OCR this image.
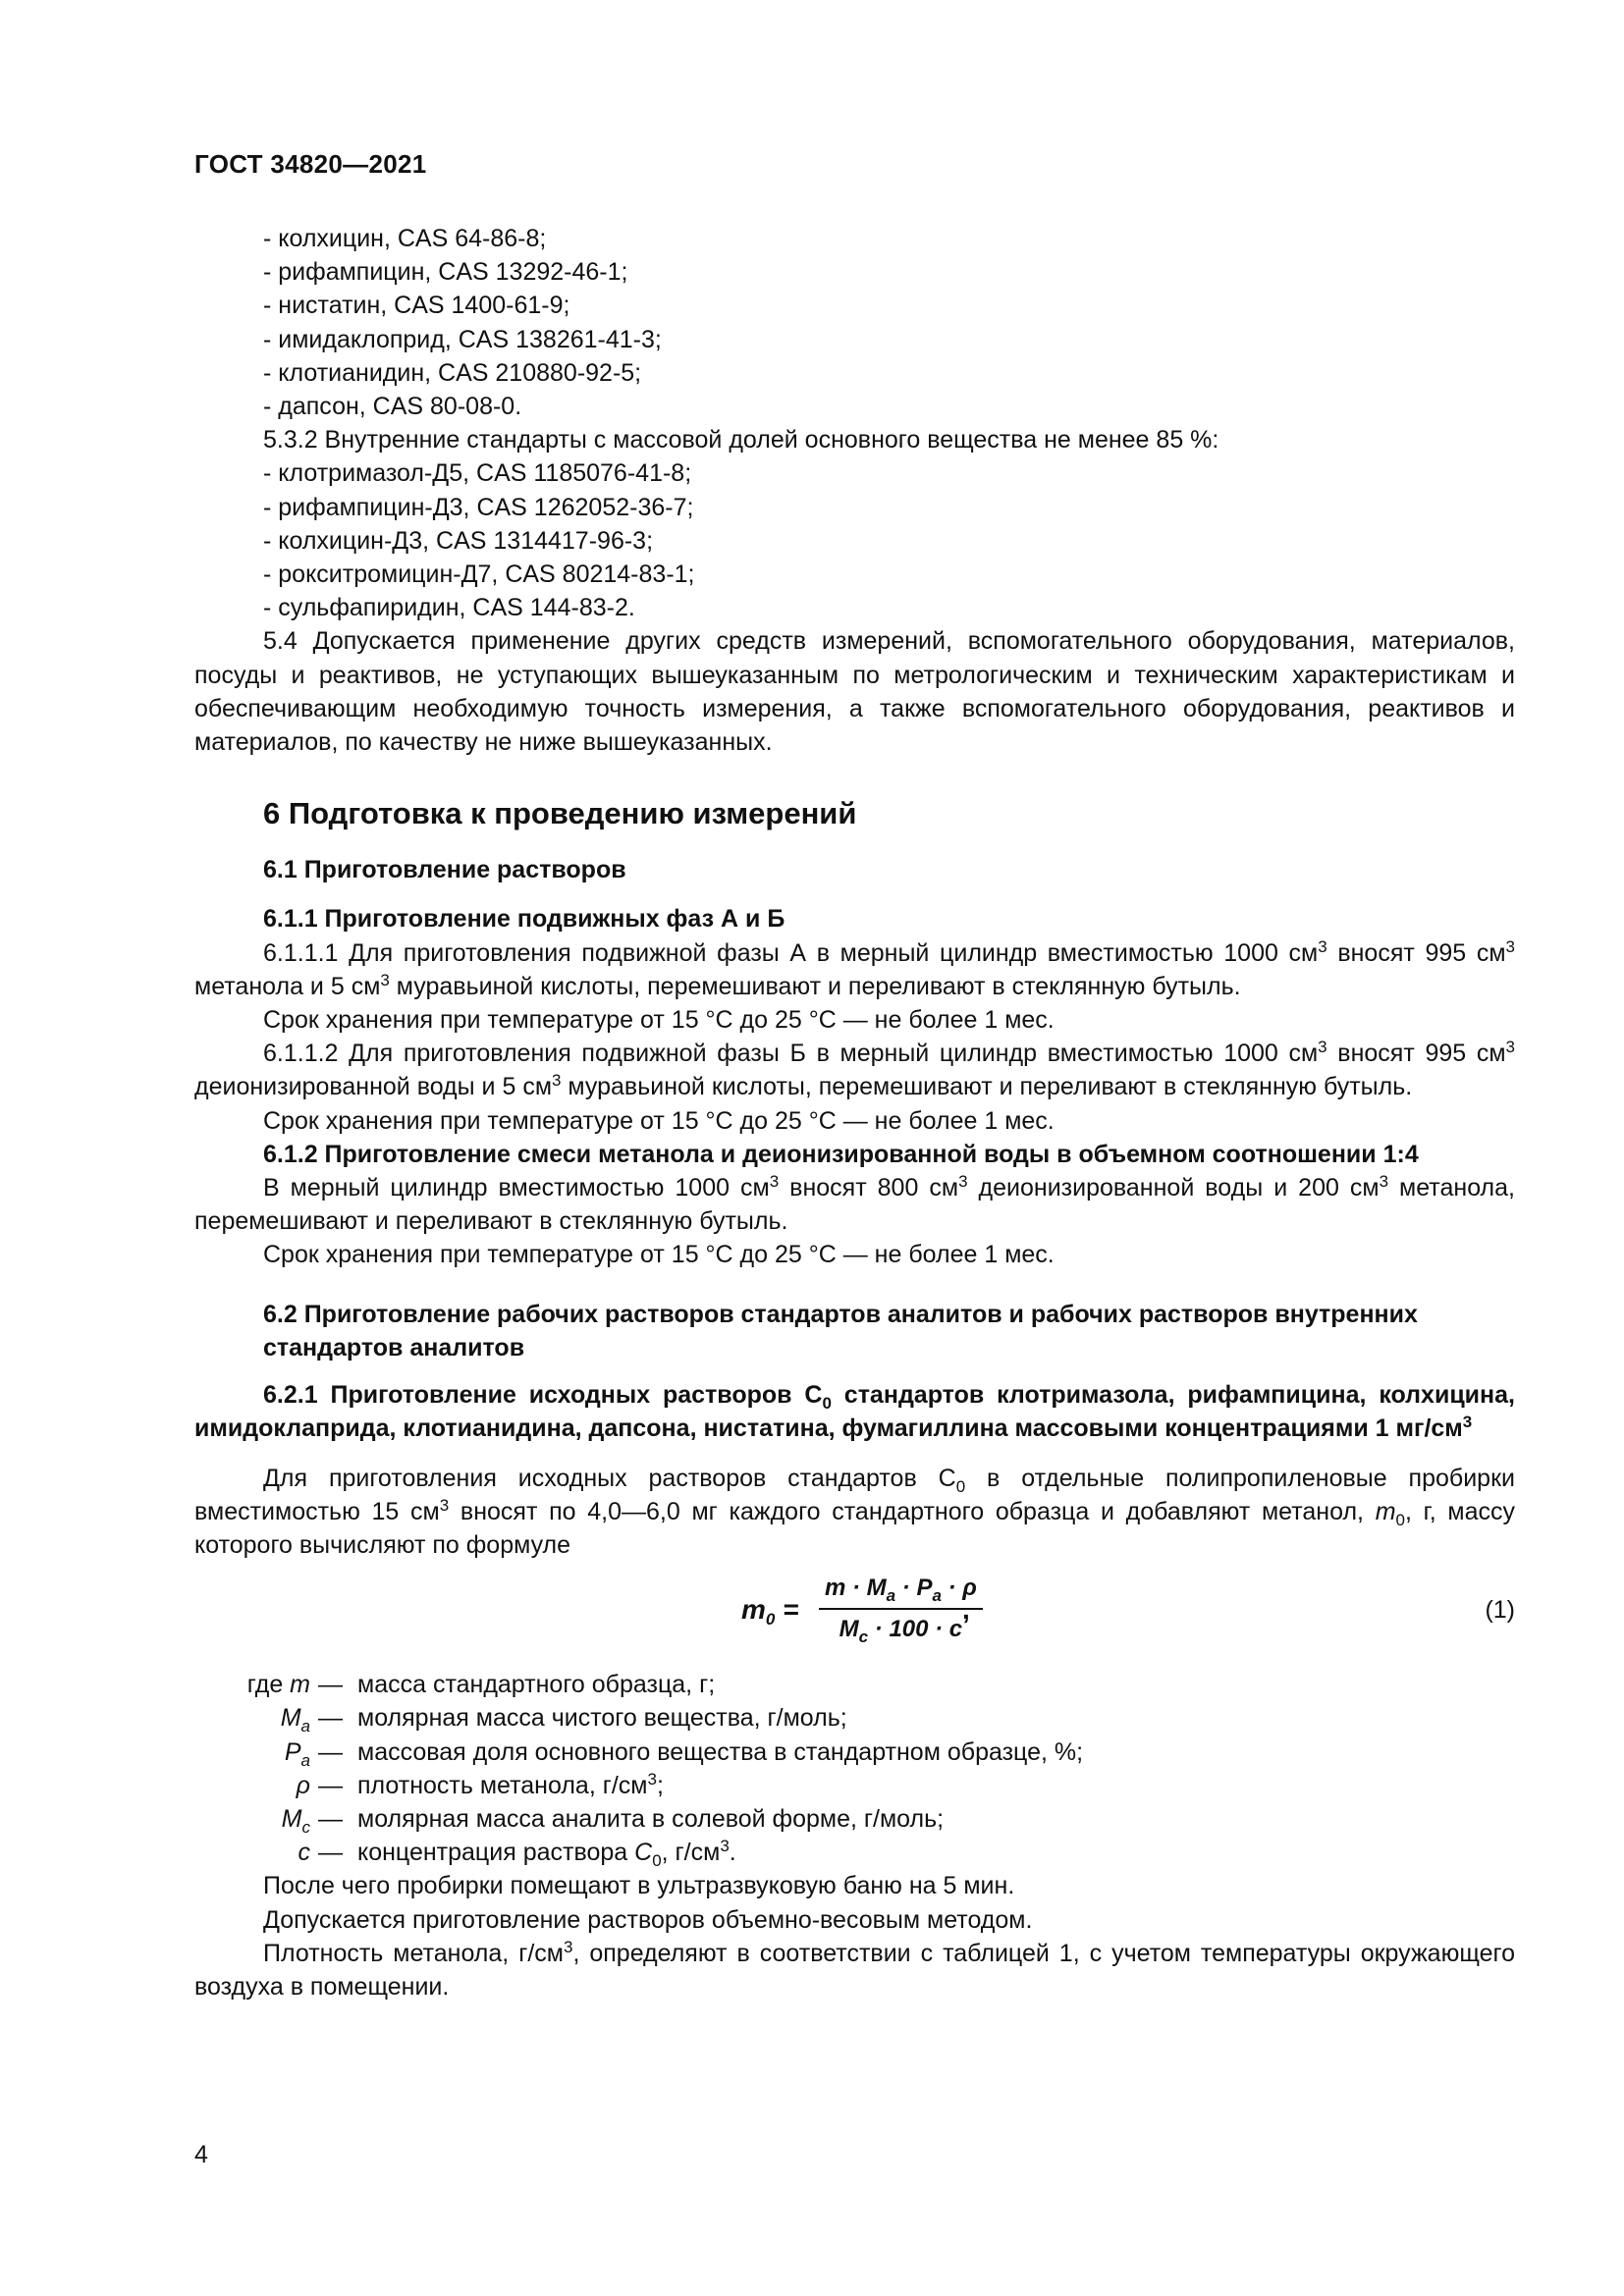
ГОСТ 34820—2021
- колхицин, CAS 64-86-8;
- рифампицин, CAS 13292-46-1;
- нистатин, CAS 1400-61-9;
- имидаклоприд, CAS 138261-41-3;
- клотианидин, CAS 210880-92-5;
- дапсон, CAS 80-08-0.
5.3.2 Внутренние стандарты с массовой долей основного вещества не менее 85 %:
- клотримазол-Д5, CAS 1185076-41-8;
- рифампицин-Д3, CAS 1262052-36-7;
- колхицин-Д3, CAS 1314417-96-3;
- рокситромицин-Д7, CAS 80214-83-1;
- сульфапиридин, CAS 144-83-2.
5.4 Допускается применение других средств измерений, вспомогательного оборудования, материалов, посуды и реактивов, не уступающих вышеуказанным по метрологическим и техническим характеристикам и обеспечивающим необходимую точность измерения, а также вспомогательного оборудования, реактивов и материалов, по качеству не ниже вышеуказанных.
6 Подготовка к проведению измерений
6.1 Приготовление растворов
6.1.1 Приготовление подвижных фаз А и Б
6.1.1.1 Для приготовления подвижной фазы А в мерный цилиндр вместимостью 1000 $см^3$ вносят 995 $см^3$ метанола и 5 $см^3$ муравьиной кислоты, перемешивают и переливают в стеклянную бутыль.
Срок хранения при температуре от 15 °C до 25 °C — не более 1 мес.
6.1.1.2 Для приготовления подвижной фазы Б в мерный цилиндр вместимостью 1000 $см^3$ вносят 995 $см^3$ деионизированной воды и 5 $см^3$ муравьиной кислоты, перемешивают и переливают в стеклянную бутыль.
Срок хранения при температуре от 15 °C до 25 °C — не более 1 мес.
6.1.2 Приготовление смеси метанола и деионизированной воды в объемном соотношении 1:4
В мерный цилиндр вместимостью 1000 $см^3$ вносят 800 $см^3$ деионизированной воды и 200 $см^3$ метанола, перемешивают и переливают в стеклянную бутыль.
Срок хранения при температуре от 15 °C до 25 °C — не более 1 мес.
6.2 Приготовление рабочих растворов стандартов аналитов и рабочих растворов внутренних стандартов аналитов
6.2.1 Приготовление исходных растворов $C_0$ стандартов клотримазола, рифампицина, колхицина, имидоклаприда, клотианидина, дапсона, нистатина, фумагиллина массовыми концентрациями 1 $мг/см^3$
Для приготовления исходных растворов стандартов $C_0$ в отдельные полипропиленовые пробирки вместимостью 15 $см^3$ вносят по 4,0—6,0 мг каждого стандартного образца и добавляют метанол, $m_0$, г, массу которого вычисляют по формуле
$m_0 = \frac{m \cdot M_a \cdot P_a \cdot \rho}{M_c \cdot 100 \cdot c}$
,	(1)
где m	—	масса стандартного образца, г;
$M_a$	—	молярная масса чистого вещества, г/моль;
$P_a$	—	массовая доля основного вещества в стандартном образце, %;
ρ	—	плотность метанола, $г/см^3$;
$M_c$	—	молярная масса аналита в солевой форме, г/моль;
c	—	концентрация раствора $C_0$, $г/см^3$.
После чего пробирки помещают в ультразвуковую баню на 5 мин.
Допускается приготовление растворов объемно-весовым методом.
Плотность метанола, $г/см^3$, определяют в соответствии с таблицей 1, с учетом температуры окружающего воздуха в помещении.
4
